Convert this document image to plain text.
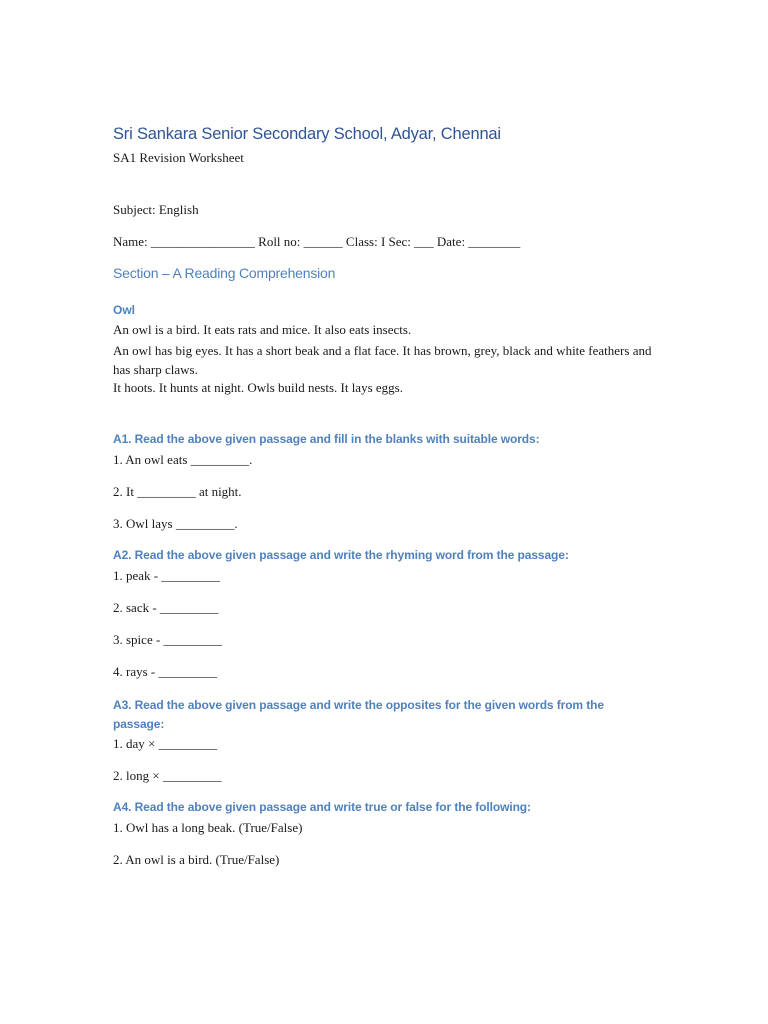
Sri Sankara Senior Secondary School, Adyar, Chennai
SA1 Revision Worksheet
Subject: English
Name: ________________ Roll no: ______ Class: I Sec: ___ Date: ________
Section – A Reading Comprehension
Owl
An owl is a bird. It eats rats and mice. It also eats insects.
An owl has big eyes. It has a short beak and a flat face. It has brown, grey, black and white feathers and has sharp claws.
It hoots. It hunts at night. Owls build nests. It lays eggs.
A1. Read the above given passage and fill in the blanks with suitable words:
1. An owl eats _________.
2. It _________ at night.
3. Owl lays _________.
A2. Read the above given passage and write the rhyming word from the passage:
1. peak - _________
2. sack - _________
3. spice - _________
4. rays - _________
A3. Read the above given passage and write the opposites for the given words from the passage:
1. day × _________
2. long × _________
A4. Read the above given passage and write true or false for the following:
1. Owl has a long beak. (True/False)
2. An owl is a bird. (True/False)
